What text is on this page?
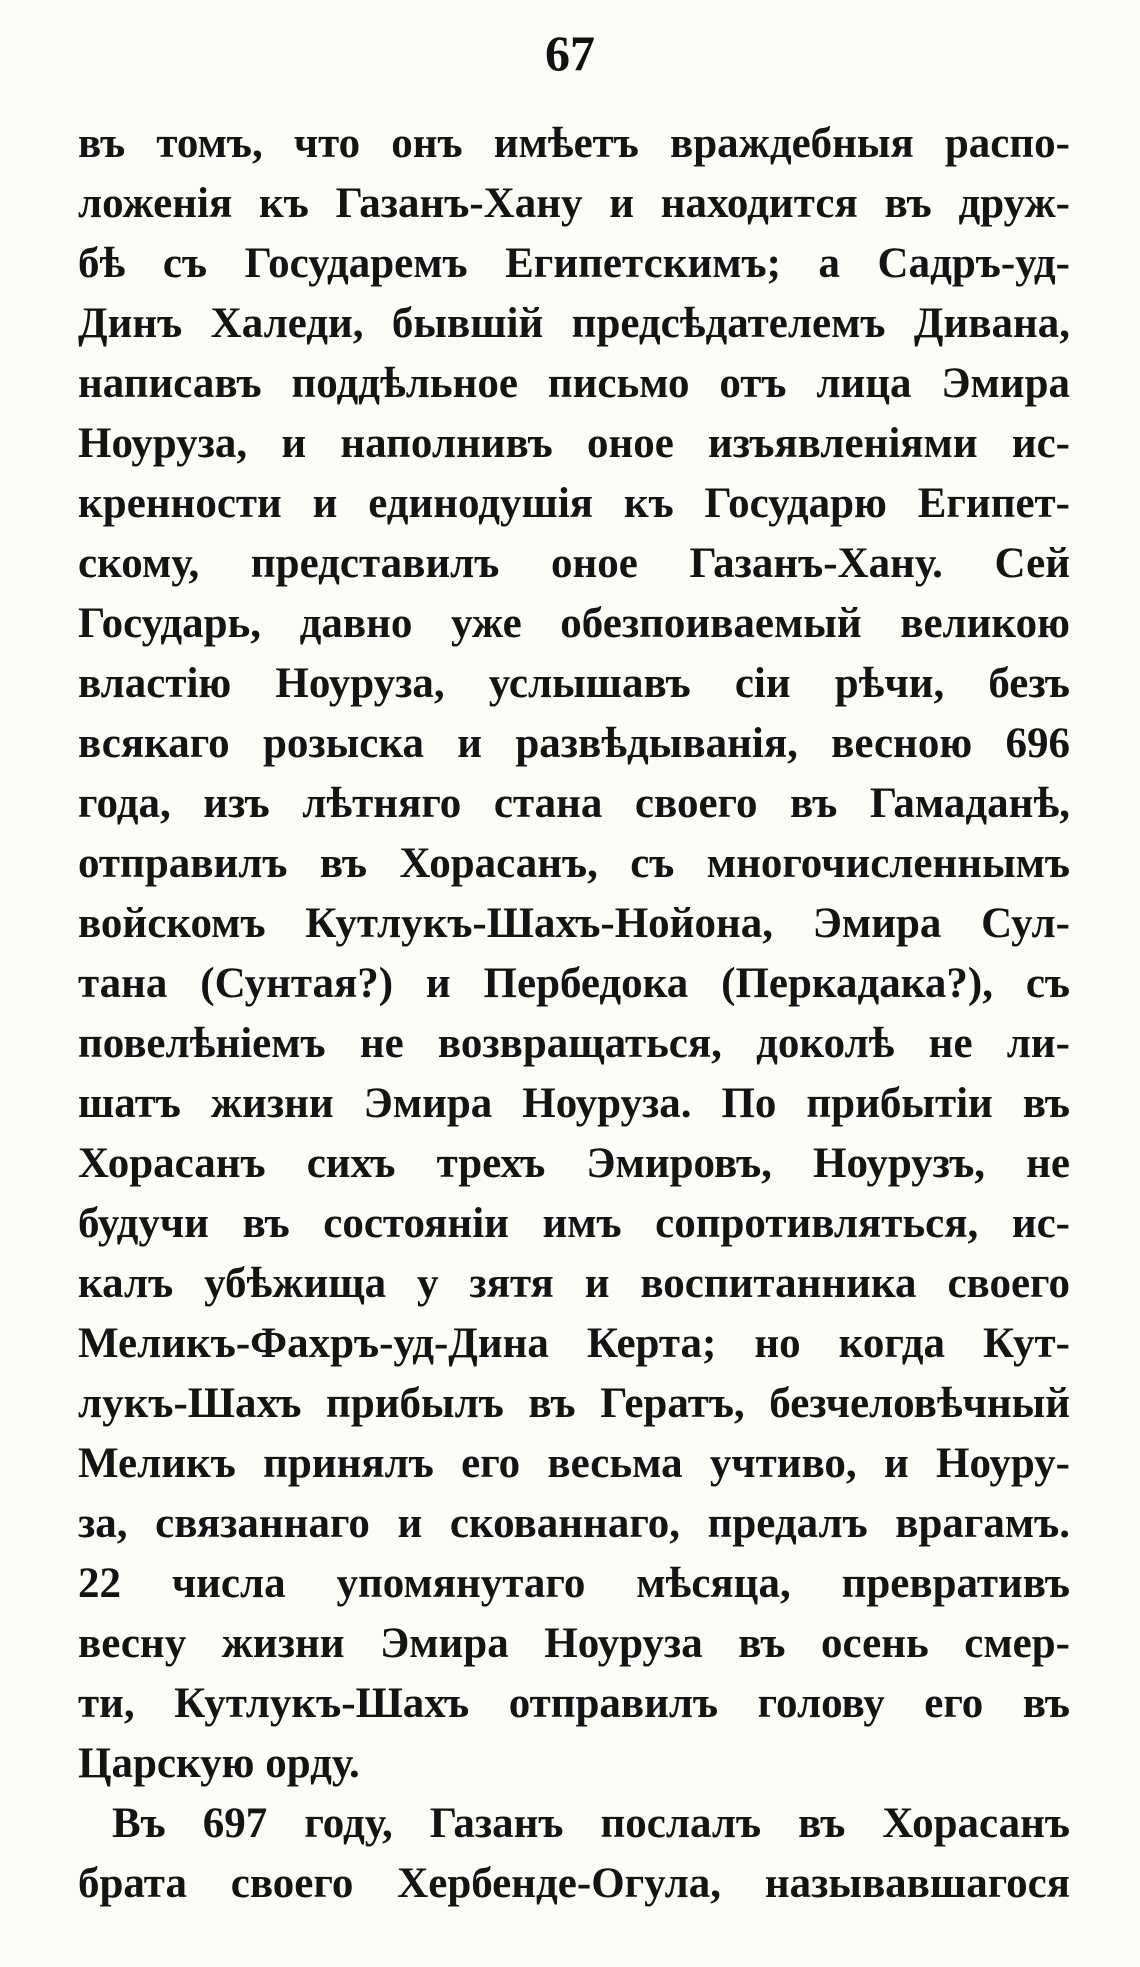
67
въ томъ, что онъ имѣетъ враждебныя распо-
ложенія къ Газанъ-Хану и находится въ друж-
бѣ съ Государемъ Египетскимъ; а Садръ-уд-
Динъ Халеди, бывшій предсѣдателемъ Дивана,
написавъ поддѣльное письмо отъ лица Эмира
Ноуруза, и наполнивъ оное изъявленіями ис-
кренности и единодушія къ Государю Египет-
скому, представилъ оное Газанъ-Хану. Сей
Государь, давно уже обезпоиваемый великою
властію Ноуруза, услышавъ сіи рѣчи, безъ
всякаго розыска и развѣдыванія, весною 696
года, изъ лѣтняго стана своего въ Гамаданѣ,
отправилъ въ Хорасанъ, съ многочисленнымъ
войскомъ Кутлукъ-Шахъ-Нойона, Эмира Сул-
тана (Сунтая?) и Пербедока (Перкадака?), съ
повелѣніемъ не возвращаться, доколѣ не ли-
шатъ жизни Эмира Ноуруза. По прибытіи въ
Хорасанъ сихъ трехъ Эмировъ, Ноурузъ, не
будучи въ состояніи имъ сопротивляться, ис-
калъ убѣжища у зятя и воспитанника своего
Меликъ-Фахръ-уд-Дина Керта; но когда Кут-
лукъ-Шахъ прибылъ въ Гератъ, безчеловѣчный
Меликъ принялъ его весьма учтиво, и Ноуру-
за, связаннаго и скованнаго, предалъ врагамъ.
22 числа упомянутаго мѣсяца, превративъ
весну жизни Эмира Ноуруза въ осень смер-
ти, Кутлукъ-Шахъ отправилъ голову его въ
Царскую орду.
Въ 697 году, Газанъ послалъ въ Хорасанъ
брата своего Хербенде-Огула, называвшагося
